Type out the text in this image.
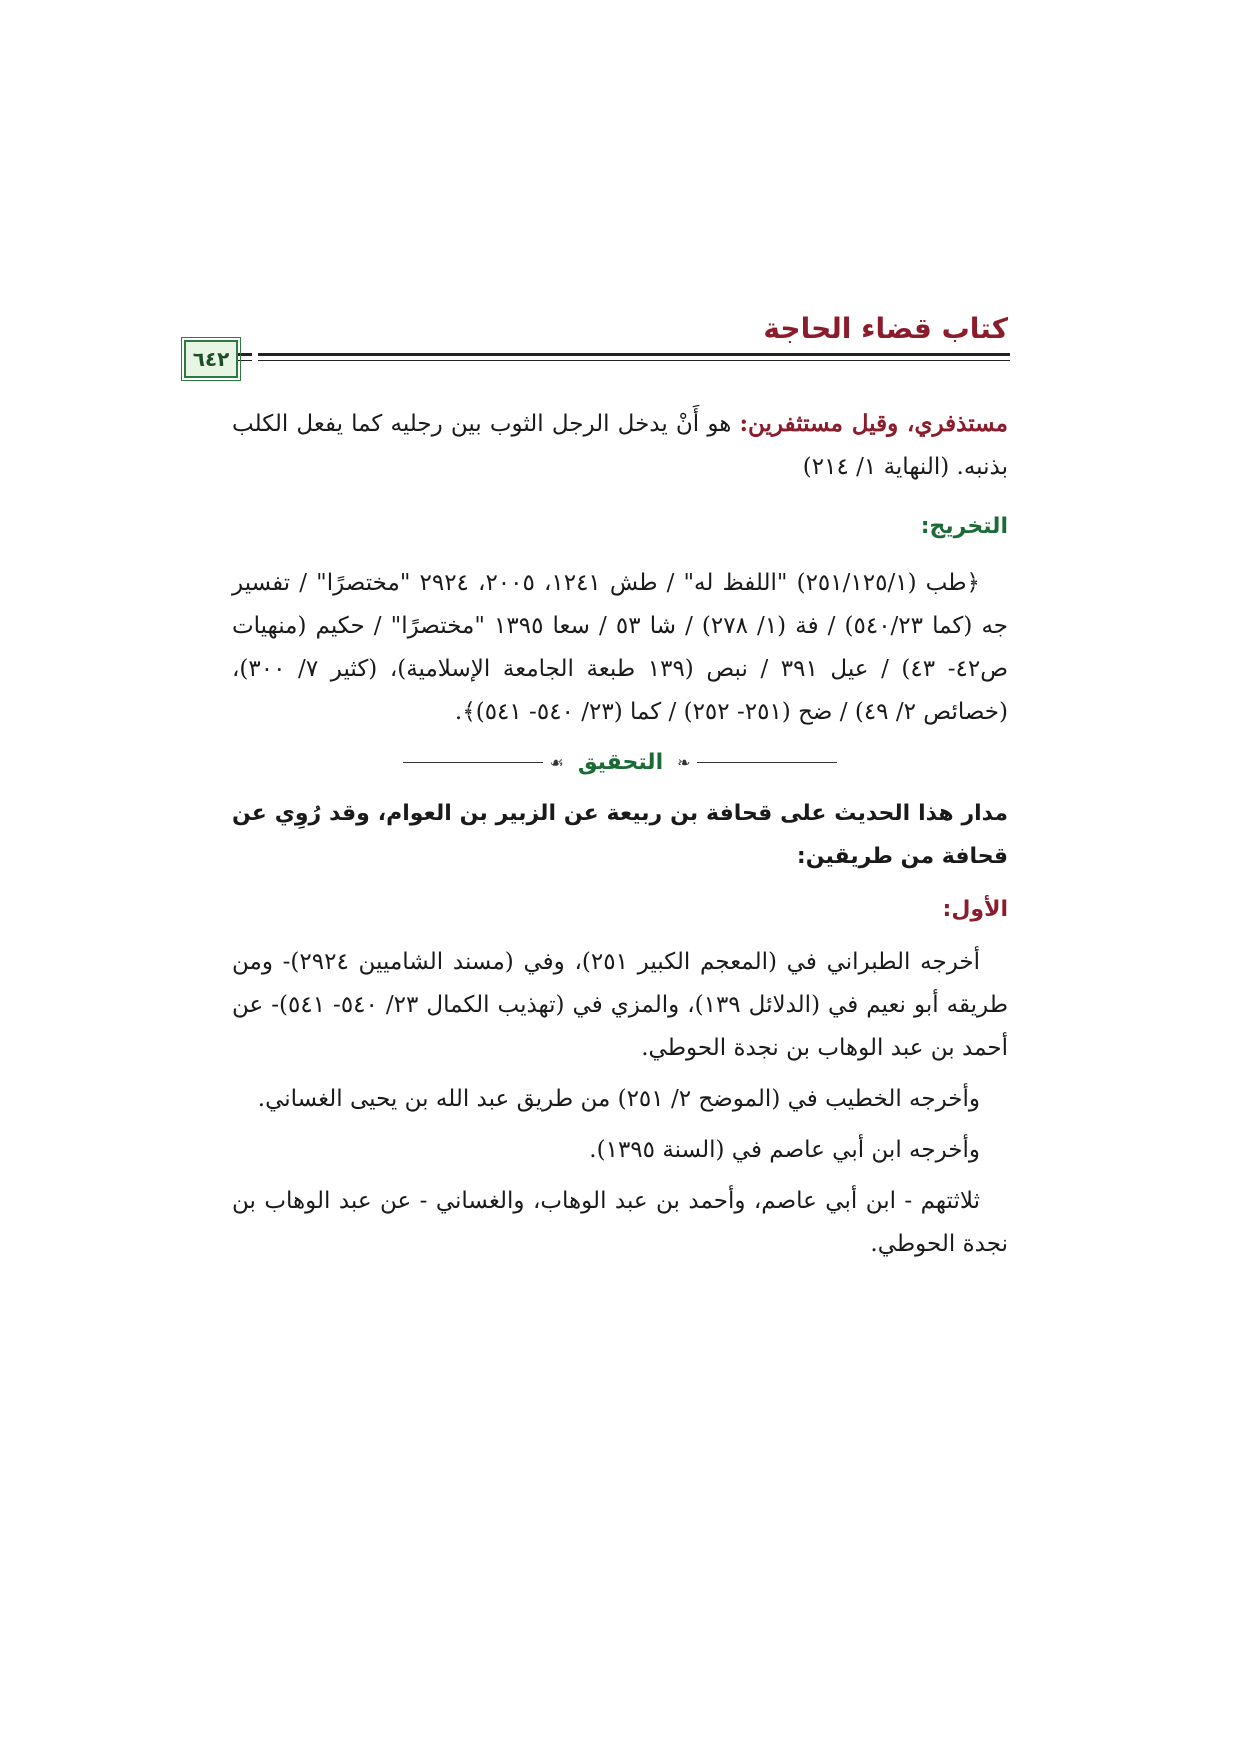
كتاب قضاء الحاجة
٦٤٢

مستذفري، وقيل مستثفرين: هو أَنْ يدخل الرجل الثوب بين رجليه كما يفعل الكلب بذنبه. (النهاية ١/ ٢١٤)

التخريج:

﴿طب (٢٥١/١٢٥/١) "اللفظ له" / طش ١٢٤١، ٢٠٠٥، ٢٩٢٤ "مختصرًا" / تفسير جه (كما ٥٤٠/٢٣) / فة (١/ ٢٧٨) / شا ٥٣ / سعا ١٣٩٥ "مختصرًا" / حكيم (منهيات ص٤٢- ٤٣) / عيل ٣٩١ / نبص (١٣٩ طبعة الجامعة الإسلامية)، (كثير ٧/ ٣٠٠)، (خصائص ٢/ ٤٩) / ضح (٢٥١- ٢٥٢) / كما (٢٣/ ٥٤٠- ٥٤١)﴾.

❧
التحقيق
☙

مدار هذا الحديث على قحافة بن ربيعة عن الزبير بن العوام، وقد رُوِي عن قحافة من طريقين:

الأول:

أخرجه الطبراني في (المعجم الكبير ٢٥١)، وفي (مسند الشاميين ٢٩٢٤)- ومن طريقه أبو نعيم في (الدلائل ١٣٩)، والمزي في (تهذيب الكمال ٢٣/ ٥٤٠- ٥٤١)- عن أحمد بن عبد الوهاب بن نجدة الحوطي.

وأخرجه الخطيب في (الموضح ٢/ ٢٥١) من طريق عبد الله بن يحيى الغساني.

وأخرجه ابن أبي عاصم في (السنة ١٣٩٥).

ثلاثتهم - ابن أبي عاصم، وأحمد بن عبد الوهاب، والغساني - عن عبد الوهاب بن نجدة الحوطي.
